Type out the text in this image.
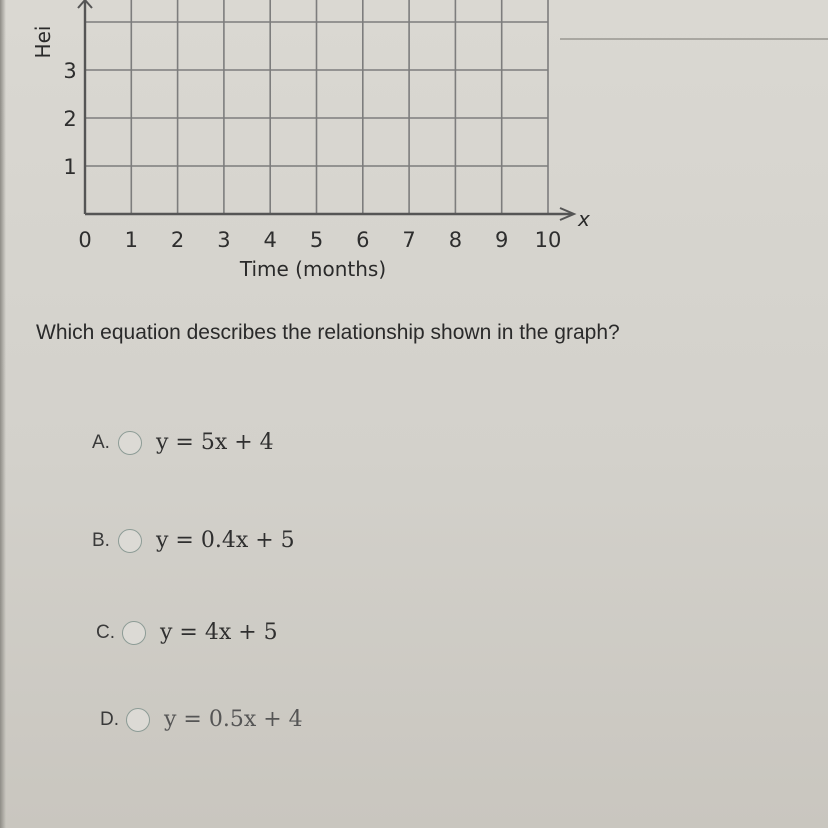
0 1 2 3 4 5 6 7 8 9 10
1
2
3
Time (months)
Hei
x
Which equation describes the relationship shown in the graph?
A.	y = 5x + 4
B.	y = 0.4x + 5
C.	y = 4x + 5
D.	y = 0.5x + 4
